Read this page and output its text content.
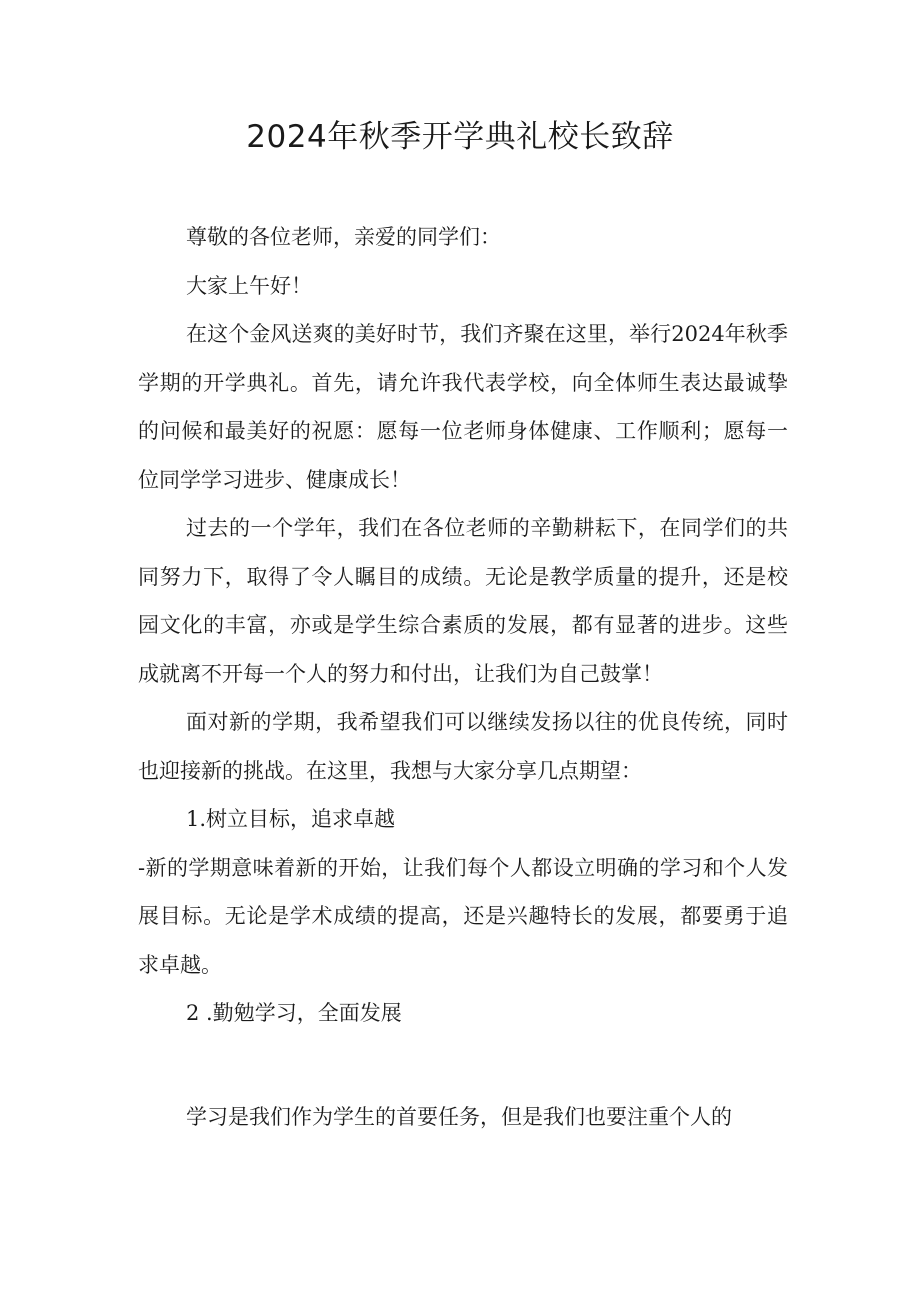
2024年秋季开学典礼校长致辞

尊敬的各位老师，亲爱的同学们：

大家上午好！

在这个金风送爽的美好时节，我们齐聚在这里，举行2024年秋季学期的开学典礼。首先，请允许我代表学校，向全体师生表达最诚挚的问候和最美好的祝愿：愿每一位老师身体健康、工作顺利；愿每一位同学学习进步、健康成长！

过去的一个学年，我们在各位老师的辛勤耕耘下，在同学们的共同努力下，取得了令人瞩目的成绩。无论是教学质量的提升，还是校园文化的丰富，亦或是学生综合素质的发展，都有显著的进步。这些成就离不开每一个人的努力和付出，让我们为自己鼓掌！

面对新的学期，我希望我们可以继续发扬以往的优良传统，同时也迎接新的挑战。在这里，我想与大家分享几点期望：

1.树立目标，追求卓越

-新的学期意味着新的开始，让我们每个人都设立明确的学习和个人发展目标。无论是学术成绩的提高，还是兴趣特长的发展，都要勇于追求卓越。

2 .勤勉学习，全面发展

学习是我们作为学生的首要任务，但是我们也要注重个人的
